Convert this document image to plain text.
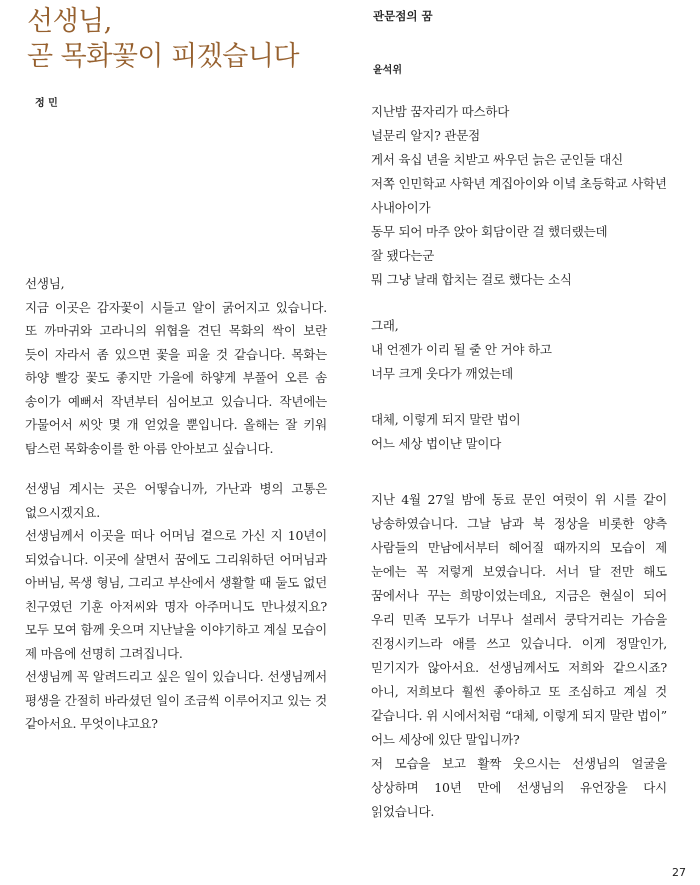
선생님,
곧 목화꽃이 피겠습니다
정 민

선생님,
지금 이곳은 감자꽃이 시들고 알이 굵어지고 있습니다. 또 까마귀와 고라니의 위협을 견딘 목화의 싹이 보란 듯이 자라서 좀 있으면 꽃을 피울 것 같습니다. 목화는 하양 빨강 꽃도 좋지만 가을에 하얗게 부풀어 오른 솜 송이가 예뻐서 작년부터 심어보고 있습니다. 작년에는 가물어서 씨앗 몇 개 얻었을 뿐입니다. 올해는 잘 키워 탐스런 목화송이를 한 아름 안아보고 싶습니다.

선생님 계시는 곳은 어떻습니까, 가난과 병의 고통은 없으시겠지요.

선생님께서 이곳을 떠나 어머님 곁으로 가신 지 10년이 되었습니다. 이곳에 살면서 꿈에도 그리워하던 어머님과 아버님, 목생 형님, 그리고 부산에서 생활할 때 둘도 없던 친구였던 기훈 아저씨와 명자 아주머니도 만나셨지요? 모두 모여 함께 웃으며 지난날을 이야기하고 계실 모습이 제 마음에 선명히 그려집니다.

선생님께 꼭 알려드리고 싶은 일이 있습니다. 선생님께서 평생을 간절히 바라셨던 일이 조금씩 이루어지고 있는 것 같아서요. 무엇이냐고요?

관문점의 꿈
윤석위
지난밤 꿈자리가 따스하다
널문리 알지? 관문점
게서 육십 년을 치받고 싸우던 늙은 군인들 대신
저쪽 인민학교 사학년 계집아이와 이녘 초등학교 사학년 사내아이가
동무 되어 마주 앉아 회담이란 걸 했더랬는데
잘 됐다는군
뭐 그냥 날래 합치는 걸로 했다는 소식
그래,
내 언젠가 이리 될 줄 안 거야 하고
너무 크게 웃다가 깨었는데
대체, 이렇게 되지 말란 법이
어느 세상 법이냔 말이다

지난 4월 27일 밤에 동료 문인 여럿이 위 시를 같이 낭송하였습니다. 그날 남과 북 정상을 비롯한 양측 사람들의 만남에서부터 헤어질 때까지의 모습이 제 눈에는 꼭 저렇게 보였습니다. 서너 달 전만 해도 꿈에서나 꾸는 희망이었는데요, 지금은 현실이 되어 우리 민족 모두가 너무나 설레서 쿵닥거리는 가슴을 진정시키느라 애를 쓰고 있습니다. 이게 정말인가, 믿기지가 않아서요. 선생님께서도 저희와 같으시죠? 아니, 저희보다 훨씬 좋아하고 또 조심하고 계실 것 같습니다. 위 시에서처럼 “대체, 이렇게 되지 말란 법이” 어느 세상에 있단 말입니까?

저 모습을 보고 활짝 웃으시는 선생님의 얼굴을 상상하며 10년 만에 선생님의 유언장을 다시 읽었습니다.

27
